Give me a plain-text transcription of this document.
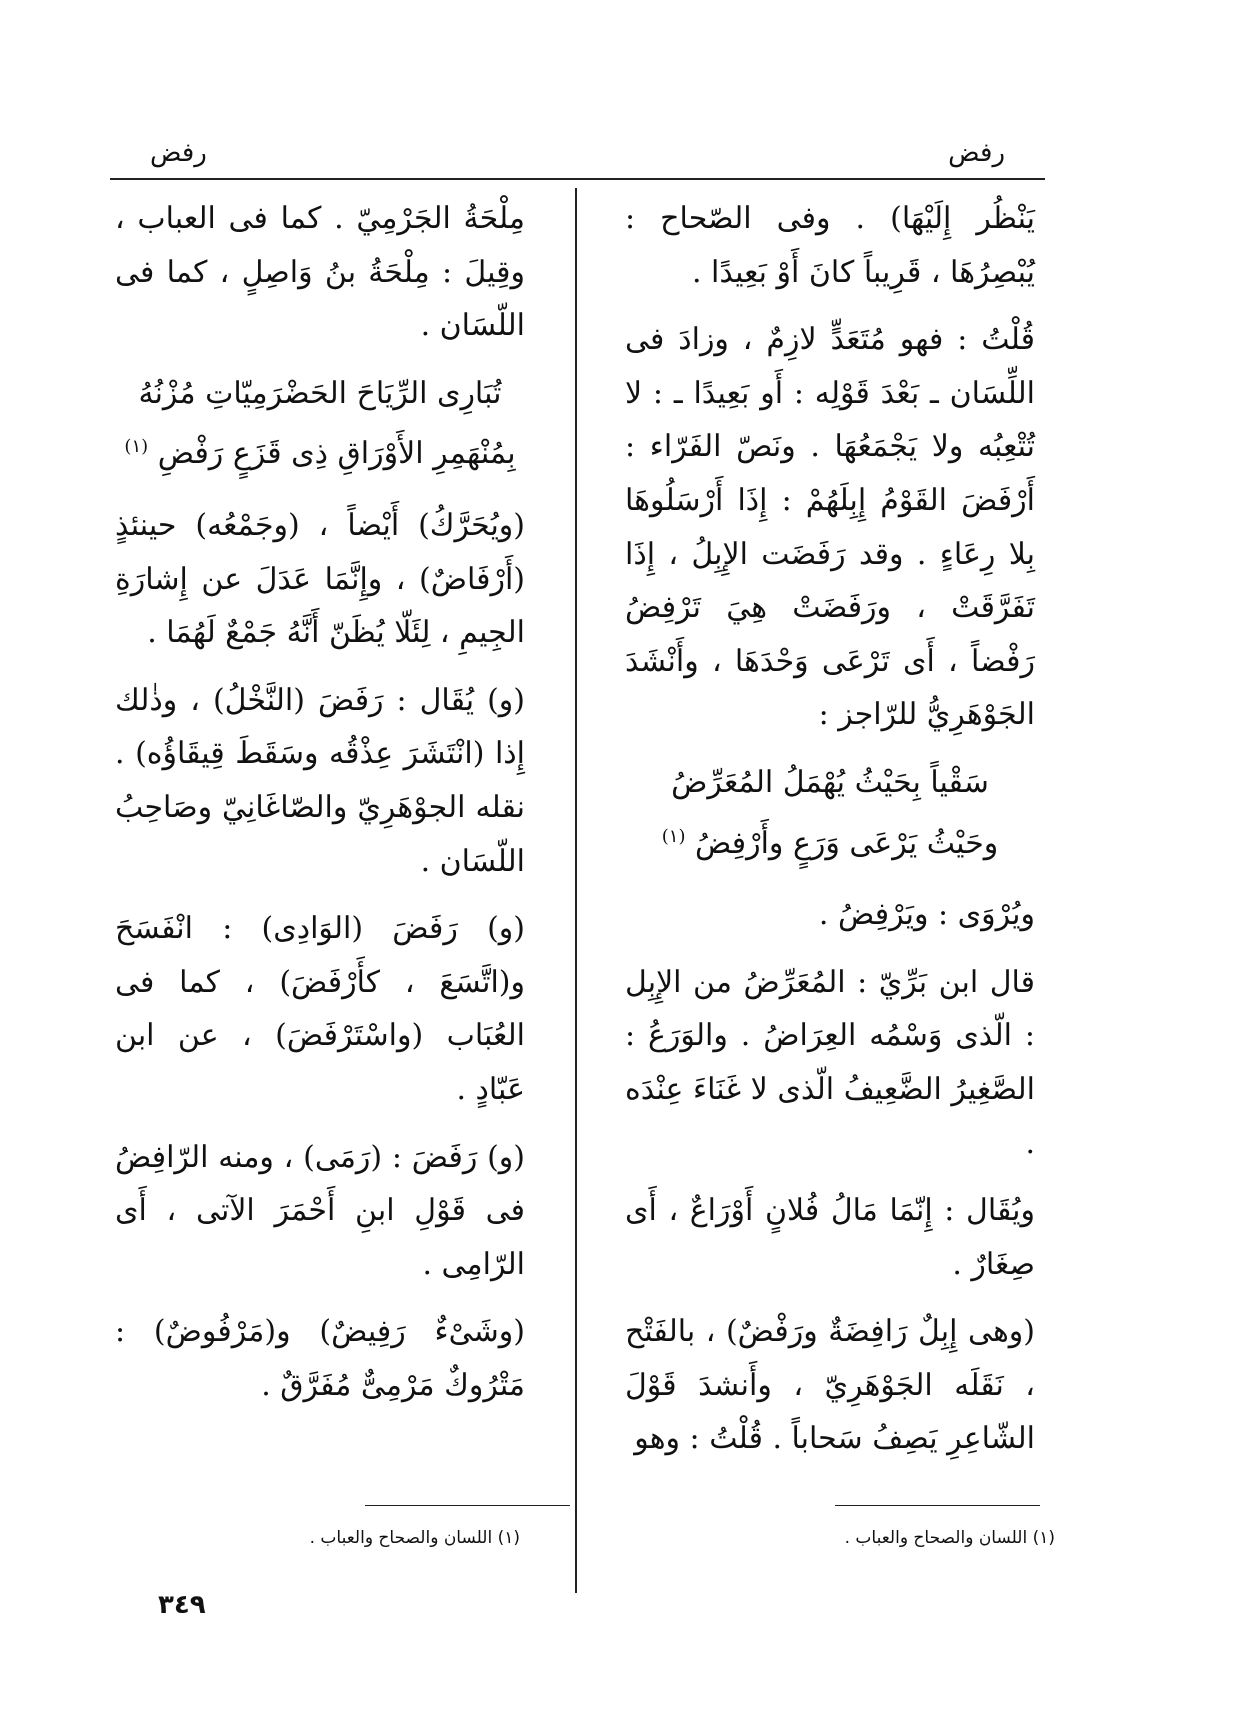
رفض
رفض

يَنْظُر إِلَيْهَا) . وفى الصّحاح : يُبْصِرُهَا ، قَرِيباً كانَ أَوْ بَعِيدًا .

قُلْتُ : فهو مُتَعَدٍّ لازِمٌ ، وزادَ فى اللِّسَان ـ بَعْدَ قَوْلِه : أَو بَعِيدًا ـ : لا تُتْعِبُه ولا يَجْمَعُهَا . ونَصّ الفَرّاء : أَرْفَضَ القَوْمُ إِبِلَهُمْ : إِذَا أَرْسَلُوهَا بِلا رِعَاءٍ . وقد رَفَضَت الإِبِلُ ، إِذَا تَفَرَّقَتْ ، ورَفَضَتْ هِيَ تَرْفِضُ رَفْضاً ، أَى تَرْعَى وَحْدَهَا ، وأَنْشَدَ الجَوْهَرِيُّ للرّاجز :

سَقْياً بِحَيْثُ يُهْمَلُ المُعَرِّضُ
وحَيْثُ يَرْعَى وَرَعٍ وأَرْفِضُ $^{(١)}$

ويُرْوَى : ويَرْفِضُ .

قال ابن بَرِّيّ : المُعَرِّضُ من الإِبِل : الّذى وَسْمُه العِرَاضُ . والوَرَعُ : الصَّغِيرُ الضَّعِيفُ الّذى لا غَنَاءَ عِنْدَه .

ويُقَال : إِنّمَا مَالُ فُلانٍ أَوْرَاعٌ ، أَى صِغَارٌ .

(وهى إِبِلٌ رَافِضَةٌ ورَفْضٌ) ، بالفَتْح ، نَقَلَه الجَوْهَرِيّ ، وأَنشدَ قَوْلَ الشّاعِرِ يَصِفُ سَحاباً . قُلْتُ : وهو

مِلْحَةُ الجَرْمِيّ . كما فى العباب ، وقِيلَ : مِلْحَةُ بنُ وَاصِلٍ ، كما فى اللّسَان .

تُبَارِى الرِّيَاحَ الحَضْرَمِيّاتِ مُزْنُهُ
بِمُنْهَمِرِ الأَوْرَاقِ ذِى قَزَعٍ رَفْضِ $^{(١)}$

(ويُحَرَّكُ) أَيْضاً ، (وجَمْعُه) حينئذٍ (أَرْفَاضٌ) ، وإِنَّمَا عَدَلَ عن إِشارَةِ الجِيمِ ، لِئَلّا يُظَنّ أَنَّهُ جَمْعٌ لَهُمَا .

(و) يُقَال : رَفَضَ (النَّخْلُ) ، وذٰلك إِذا (انْتَشَرَ عِذْقُه وسَقَطَ قِيقَاؤُه) . نقله الجوْهَرِيّ والصّاغَانِيّ وصَاحِبُ اللّسَان .

(و) رَفَضَ (الوَادِى) : انْفَسَحَ و(اتَّسَعَ ، كأَرْفَضَ) ، كما فى العُبَاب (واسْتَرْفَضَ) ، عن ابن عَبّادٍ .

(و) رَفَضَ : (رَمَى) ، ومنه الرّافِضُ فى قَوْلِ ابنِ أَحْمَرَ الآتى ، أَى الرّامِى .

(وشَىْءٌ رَفِيضٌ) و(مَرْفُوضٌ) : مَتْرُوكٌ مَرْمِىٌّ مُفَرَّقٌ .

(١) اللسان والصحاح والعباب .
(١) اللسان والصحاح والعباب .
٣٤٩
